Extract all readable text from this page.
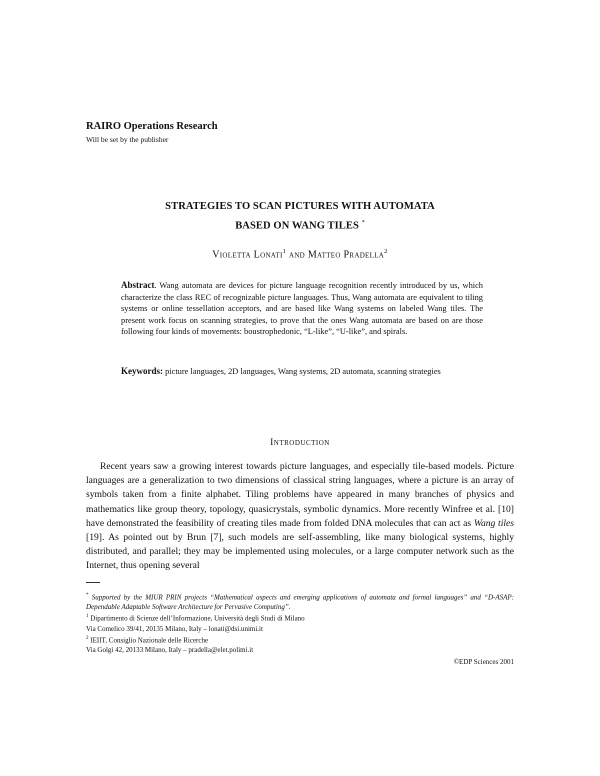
RAIRO Operations Research
Will be set by the publisher
STRATEGIES TO SCAN PICTURES WITH AUTOMATA
BASED ON WANG TILES *
Violetta Lonati$^1$ and Matteo Pradella$^2$
Abstract. Wang automata are devices for picture language recognition recently introduced by us, which characterize the class REC of recognizable picture languages. Thus, Wang automata are equivalent to tiling systems or online tessellation acceptors, and are based like Wang systems on labeled Wang tiles. The present work focus on scanning strategies, to prove that the ones Wang automata are based on are those following four kinds of movements: boustrophedonic, “L-like”, “U-like”, and spirals.
Keywords: picture languages, 2D languages, Wang systems, 2D automata, scanning strategies
Introduction
Recent years saw a growing interest towards picture languages, and especially tile-based models. Picture languages are a generalization to two dimensions of classical string languages, where a picture is an array of symbols taken from a finite alphabet. Tiling problems have appeared in many branches of physics and mathematics like group theory, topology, quasicrystals, symbolic dynamics. More recently Winfree et al. [10] have demonstrated the feasibility of creating tiles made from folded DNA molecules that can act as Wang tiles [19]. As pointed out by Brun [7], such models are self-assembling, like many biological systems, highly distributed, and parallel; they may be implemented using molecules, or a large computer network such as the Internet, thus opening several
* Supported by the MIUR PRIN projects “Mathematical aspects and emerging applications of automata and formal languages” and “D-ASAP: Dependable Adaptable Software Architecture for Pervasive Computing”.
$^1$ Dipartimento di Scienze dell’Informazione, Università degli Studi di Milano
Via Comelico 39/41, 20135 Milano, Italy – lonati@dsi.unimi.it
$^2$ IEIIT, Consiglio Nazionale delle Ricerche
Via Golgi 42, 20133 Milano, Italy – pradella@elet.polimi.it
©EDP Sciences 2001
